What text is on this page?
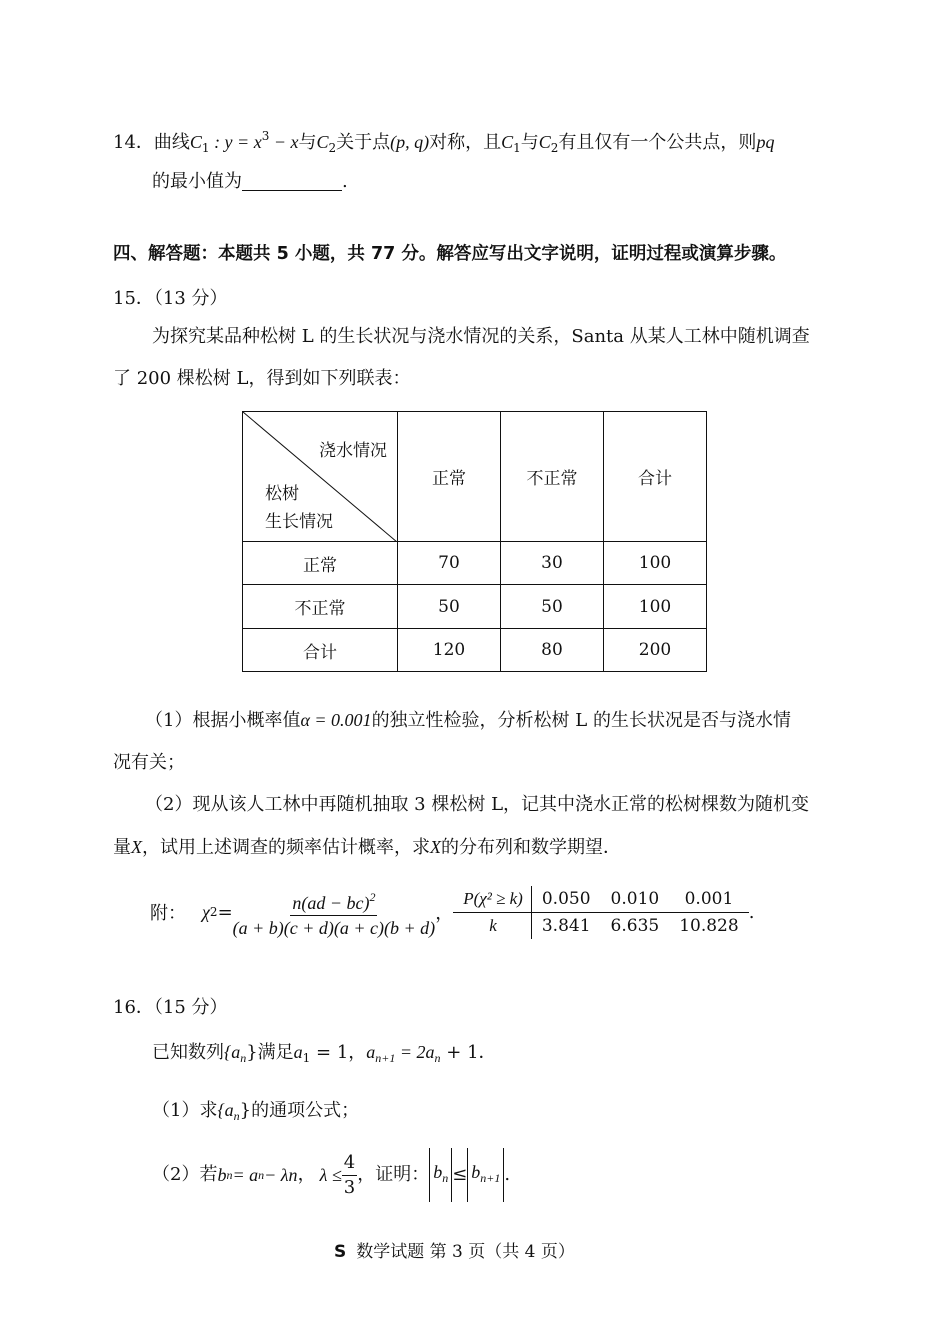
14．曲线$C_1$ : $y = x^3 - x$与$C_2$关于点(p, q)对称，且$C_1$与$C_2$有且仅有一个公共点，则pq
的最小值为	.
四、解答题：本题共 5 小题，共 77 分。解答应写出文字说明，证明过程或演算步骤。
15．（13 分）
为探究某品种松树 L 的生长状况与浇水情况的关系，Santa 从某人工林中随机调查
了 200 棵松树 L，得到如下列联表：
浇水情况
松树
生长情况	正常	不正常	合计
正常	70	30	100
不正常	50	50	100
合计	120	80	200
（1）根据小概率值α = 0.001的独立性检验，分析松树 L 的生长状况是否与浇水情
况有关；
（2）现从该人工林中再随机抽取 3 棵松树 L，记其中浇水正常的松树棵数为随机变
量X，试用上述调查的频率估计概率，求X的分布列和数学期望．
附： χ $2 = \frac{n(ad - bc)^2}{(a + b)(c + d)(a + c)(b + d)}$ ，
P(χ² ≥ k)	0.050	0.010	0.001
k	3.841	6.635	10.828
.
16．（15 分）
已知数列$\{a_n\}$满足$a_1 = 1$，$a_{n+1} = 2a_n + 1$．
（1）求$\{a_n\}$的通项公式；
（2）若 b n = a n − λn ， $\lambda \le \frac{4}{3}$ ，证明： $b_n \le b_{n+1}$ .
S 数学试题 第 3 页（共 4 页）
